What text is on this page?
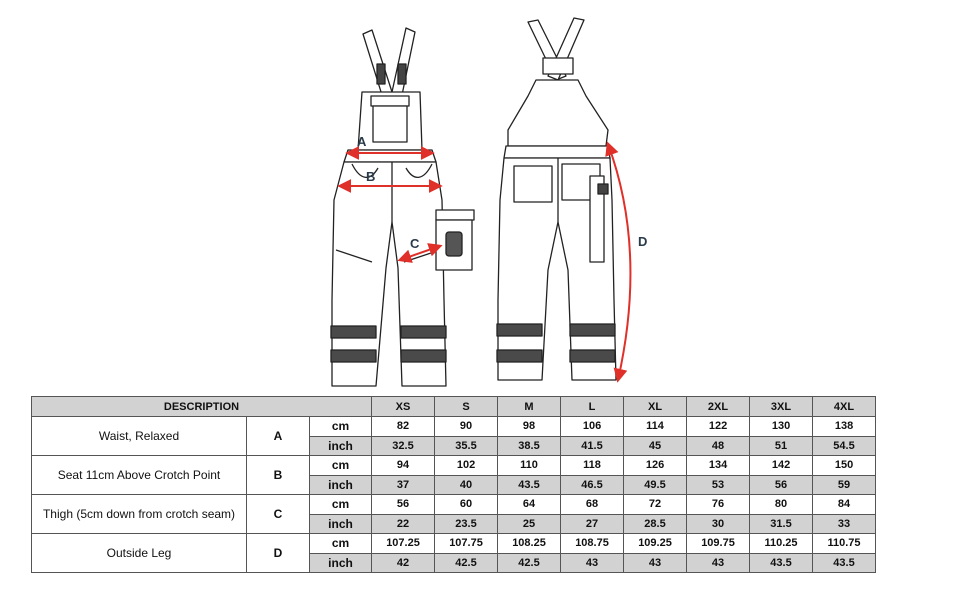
A
B
C	D
DESCRIPTION			XS	S	M	L	XL	2XL	3XL	4XL
Waist, Relaxed	A	cm	82	90	98	106	114	122	130	138
		inch	32.5	35.5	38.5	41.5	45	48	51	54.5
Seat 11cm Above Crotch Point	B	cm	94	102	110	118	126	134	142	150
		inch	37	40	43.5	46.5	49.5	53	56	59
Thigh (5cm down from crotch seam)	C	cm	56	60	64	68	72	76	80	84
		inch	22	23.5	25	27	28.5	30	31.5	33
Outside Leg	D	cm	107.25	107.75	108.25	108.75	109.25	109.75	110.25	110.75
		inch	42	42.5	42.5	43	43	43	43.5	43.5
